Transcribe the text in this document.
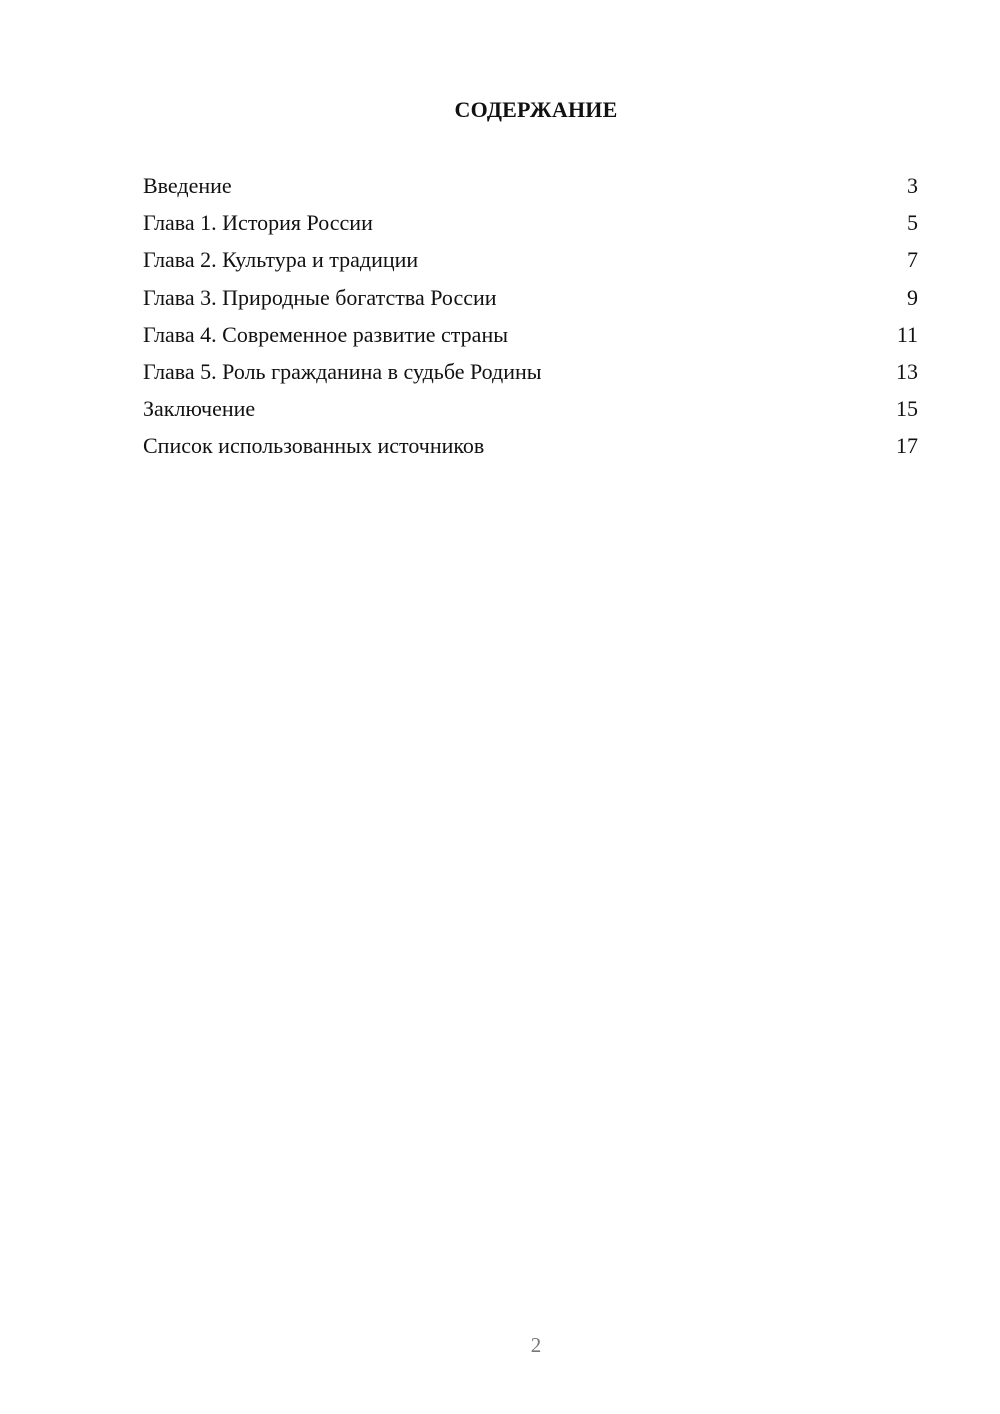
СОДЕРЖАНИЕ
Введение	3
Глава 1. История России	5
Глава 2. Культура и традиции	7
Глава 3. Природные богатства России	9
Глава 4. Современное развитие страны	11
Глава 5. Роль гражданина в судьбе Родины	13
Заключение	15
Список использованных источников	17
2
